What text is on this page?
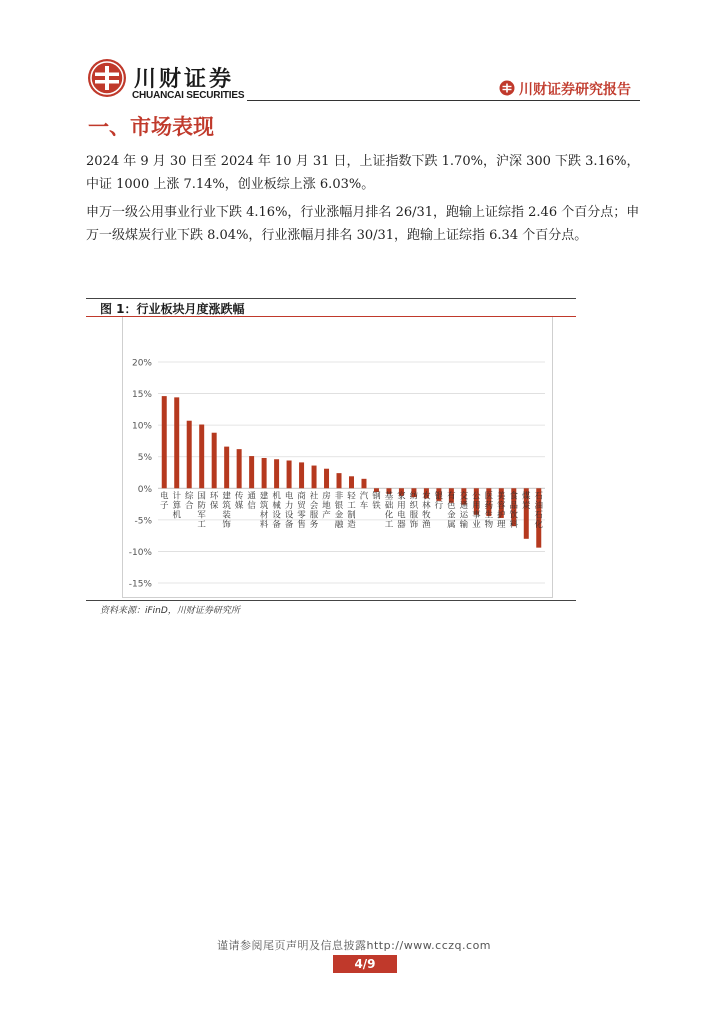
川财证券
CHUANCAI SECURITIES	川财证券研究报告
一、市场表现
2024 年 9 月 30 日至 2024 年 10 月 31 日，上证指数下跌 1.70%，沪深 300 下跌 3.16%，中证 1000 上涨 7.14%，创业板综上涨 6.03%。
申万一级公用事业行业下跌 4.16%，行业涨幅月排名 26/31，跑输上证综指 2.46 个百分点；申万一级煤炭行业下跌 8.04%，行业涨幅月排名 30/31，跑输上证综指 6.34 个百分点。
图 1：行业板块月度涨跌幅
20%
15%
10%
5%
0%
-5%
-10%
-15%
电子
计算机
综合
国防军工
环保
建筑装饰
传媒
通信
建筑材料
机械设备
电力设备
商贸零售
社会服务
房地产
非银金融
轻工制造
汽车
钢铁
基础化工
家用电器
纺织服饰
农林牧渔
银行
有色金属
交通运输
公用事业
医药生物
美容护理
食品饮料
煤炭
石油石化
资料来源：iFinD，川财证券研究所
谨请参阅尾页声明及信息披露http://www.cczq.com
4/9
